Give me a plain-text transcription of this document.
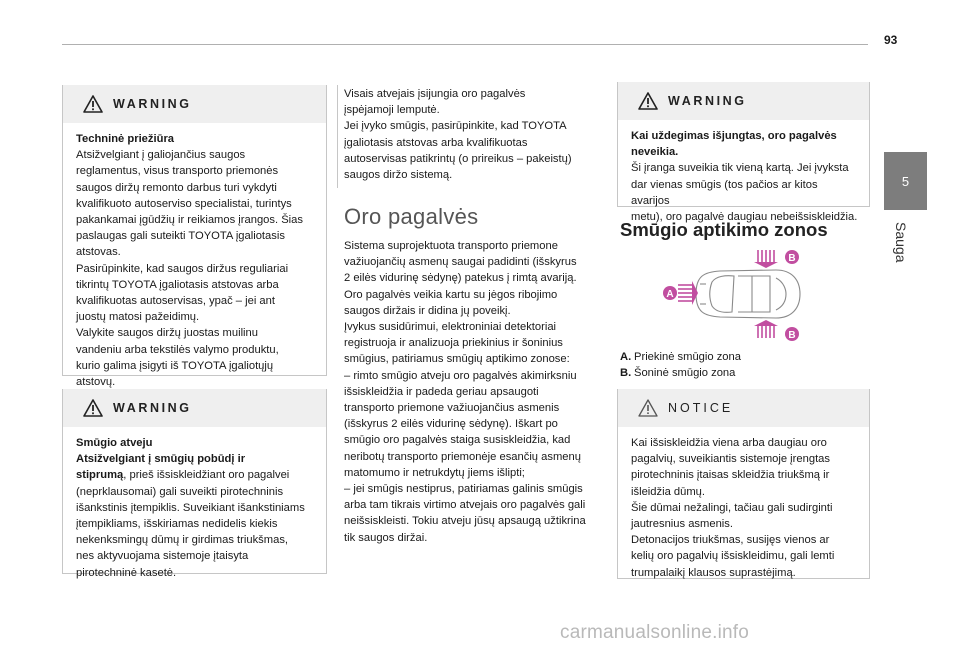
93
5
Sauga
WARNING

Techninė priežiūra

Atsižvelgiant į galiojančius saugos

reglamentus, visus transporto priemonės

saugos diržų remonto darbus turi vykdyti

kvalifikuoto autoserviso specialistai, turintys

pakankamai įgūdžių ir reikiamos įrangos. Šias

paslaugas gali suteikti TOYOTA įgaliotasis

atstovas.

Pasirūpinkite, kad saugos diržus reguliariai

tikrintų TOYOTA įgaliotasis atstovas arba

kvalifikuotas autoservisas, ypač – jei ant

juostų matosi pažeidimų.

Valykite saugos diržų juostas muilinu

vandeniu arba tekstilės valymo produktu,

kurio galima įsigyti iš TOYOTA įgaliotųjų

atstovų.

WARNING

Smūgio atveju

Atsižvelgiant į smūgių pobūdį ir

stiprumą, prieš išsiskleidžiant oro pagalvei

(neprklausomai) gali suveikti pirotechninis

išankstinis įtempiklis. Suveikiant išankstiniams

įtempikliams, išskiriamas nedidelis kiekis

nekenksmingų dūmų ir girdimas triukšmas,

nes aktyvuojama sistemoje įtaisyta

pirotechninė kasetė.

Visais atvejais įsijungia oro pagalvės

įspėjamoji lemputė.

Jei įvyko smūgis, pasirūpinkite, kad TOYOTA

įgaliotasis atstovas arba kvalifikuotas

autoservisas patikrintų (o prireikus – pakeistų)

saugos diržo sistemą.

Oro pagalvės

Sistema suprojektuota transporto priemone

važiuojančių asmenų saugai padidinti (išskyrus

2 eilės vidurinę sėdynę) patekus į rimtą avariją.

Oro pagalvės veikia kartu su jėgos ribojimo

saugos diržais ir didina jų poveikį.

Įvykus susidūrimui, elektroniniai detektoriai

registruoja ir analizuoja priekinius ir šoninius

smūgius, patiriamus smūgių aptikimo zonose:

– rimto smūgio atveju oro pagalvės akimirksniu

išsiskleidžia ir padeda geriau apsaugoti

transporto priemone važiuojančius asmenis

(išskyrus 2 eilės vidurinę sėdynę). Iškart po

smūgio oro pagalvės staiga susiskleidžia, kad

neribotų transporto priemonėje esančių asmenų

matomumo ir netrukdytų jiems išlipti;

– jei smūgis nestiprus, patiriamas galinis smūgis

arba tam tikrais virtimo atvejais oro pagalvės gali

neišsiskleisti. Tokiu atveju jūsų apsaugą užtikrina

tik saugos diržai.

WARNING

Kai uždegimas išjungtas, oro pagalvės

neveikia.

Ši įranga suveikia tik vieną kartą. Jei įvyksta

dar vienas smūgis (tos pačios ar kitos avarijos

metu), oro pagalvė daugiau nebeišsiskleidžia.

Smūgio aptikimo zonos
A
B
B
A. Priekinė smūgio zona
B. Šoninė smūgio zona
NOTICE

Kai išsiskleidžia viena arba daugiau oro

pagalvių, suveikiantis sistemoje įrengtas

pirotechninis įtaisas skleidžia triukšmą ir

išleidžia dūmų.

Šie dūmai nežalingi, tačiau gali sudirginti

jautresnius asmenis.

Detonacijos triukšmas, susijęs vienos ar

kelių oro pagalvių išsiskleidimu, gali lemti

trumpalaikį klausos suprastėjimą.

carmanualsonline.info
